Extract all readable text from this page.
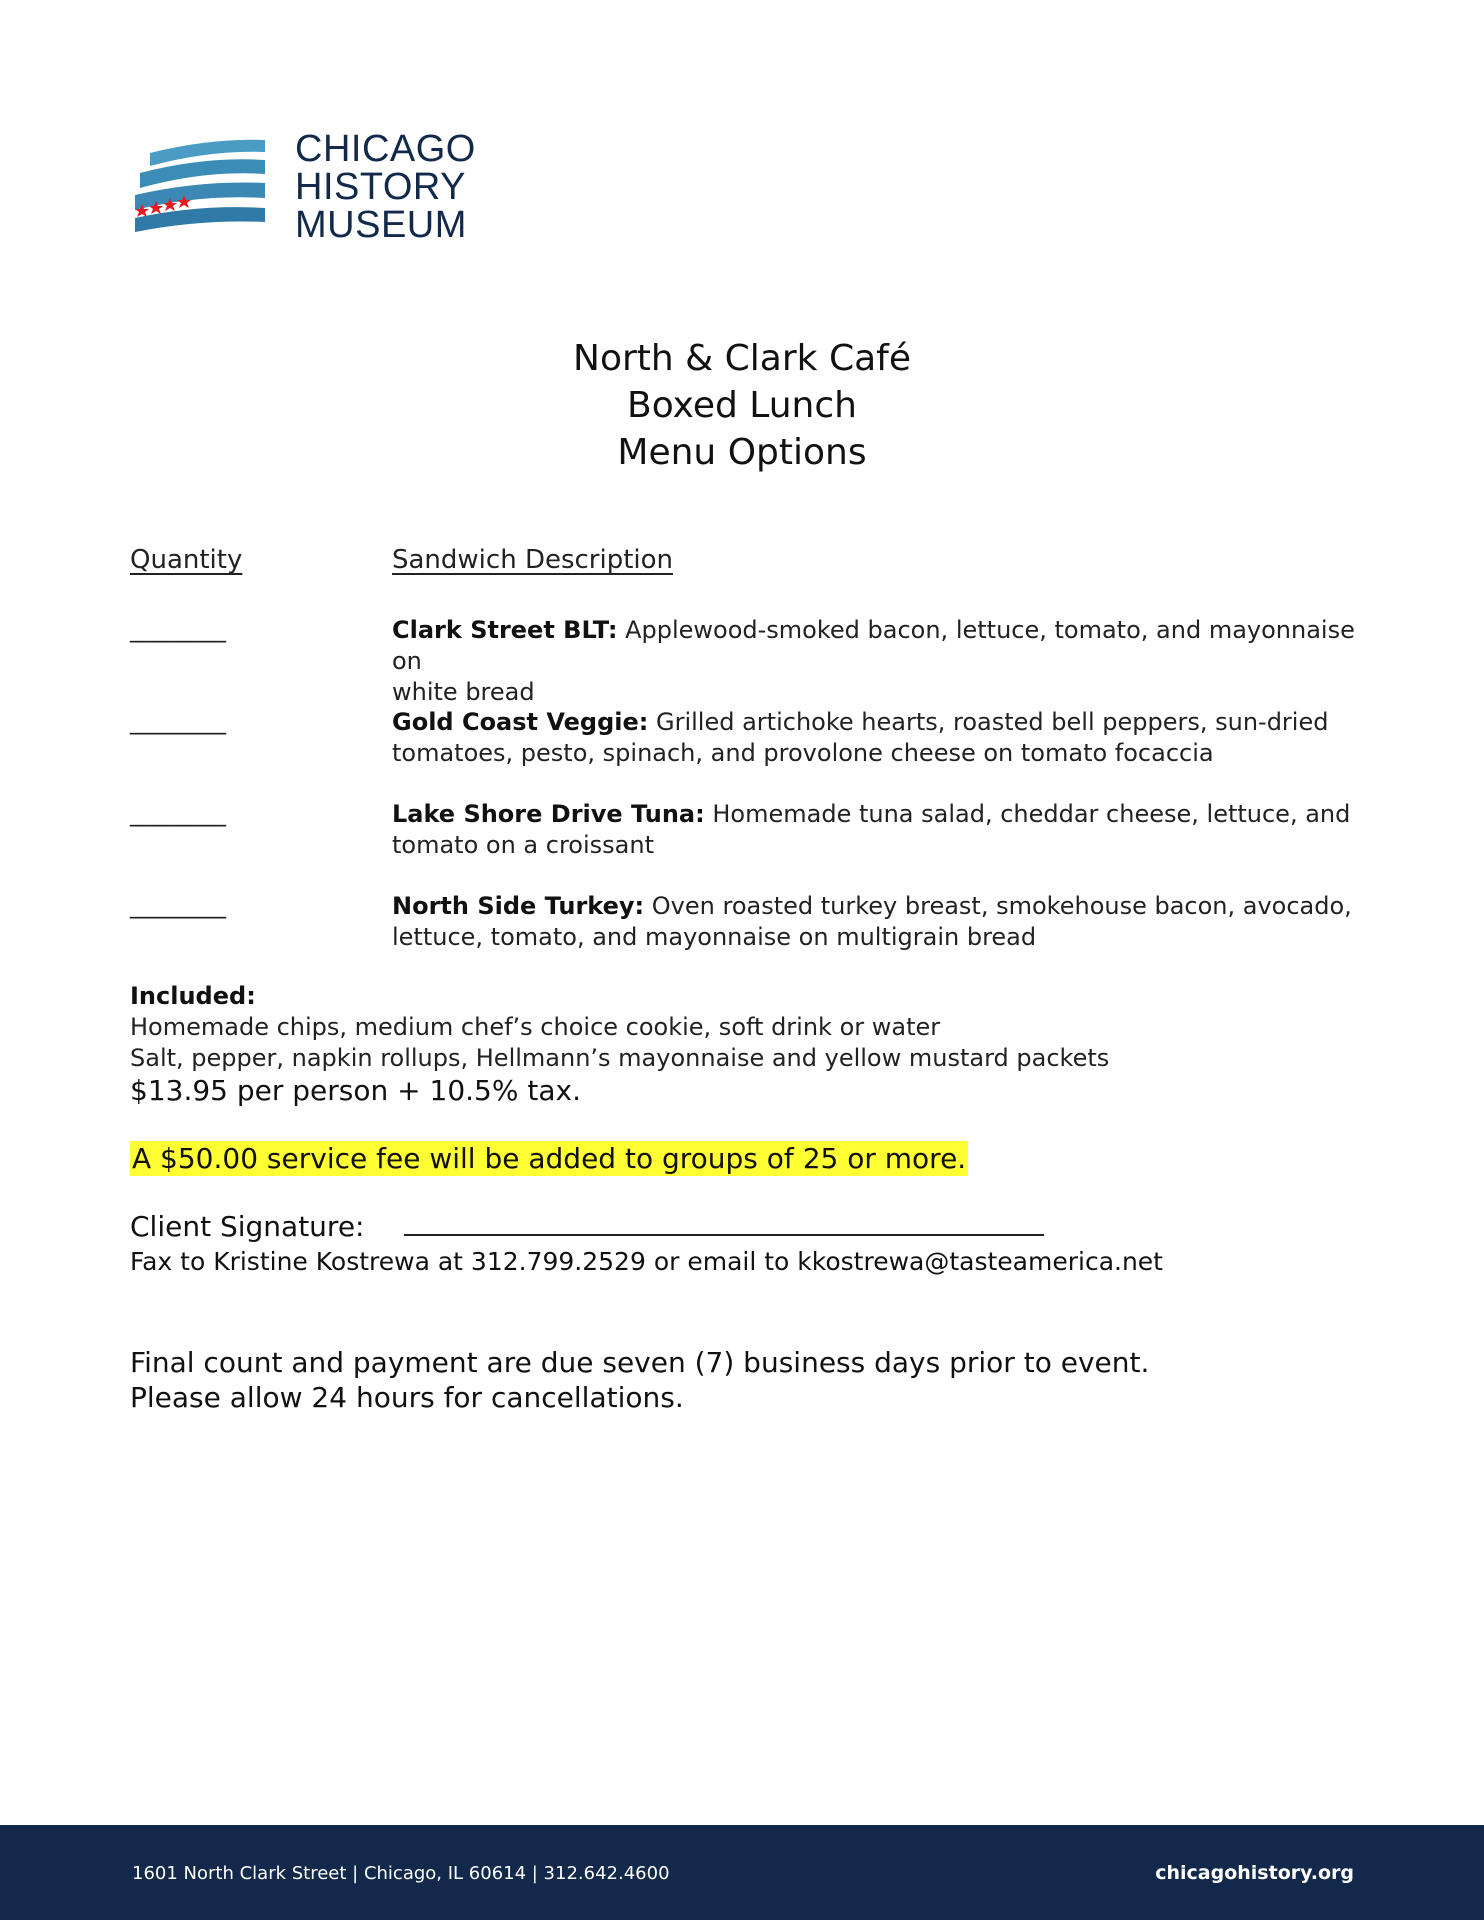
CHICAGO
HISTORY
MUSEUM
North & Clark Café
Boxed Lunch
Menu Options
Quantity	Sandwich Description
________	Clark Street BLT: Applewood-smoked bacon, lettuce, tomato, and mayonnaise on
white bread
________	Gold Coast Veggie: Grilled artichoke hearts, roasted bell peppers, sun-dried
tomatoes, pesto, spinach, and provolone cheese on tomato focaccia
________	Lake Shore Drive Tuna: Homemade tuna salad, cheddar cheese, lettuce, and
tomato on a croissant
________	North Side Turkey: Oven roasted turkey breast, smokehouse bacon, avocado,
lettuce, tomato, and mayonnaise on multigrain bread
Included:
Homemade chips, medium chef’s choice cookie, soft drink or water
Salt, pepper, napkin rollups, Hellmann’s mayonnaise and yellow mustard packets
$13.95 per person + 10.5% tax.
A $50.00 service fee will be added to groups of 25 or more.
Client Signature:
Fax to Kristine Kostrewa at 312.799.2529 or email to kkostrewa@tasteamerica.net
Final count and payment are due seven (7) business days prior to event.
Please allow 24 hours for cancellations.
1601 North Clark Street | Chicago, IL 60614 | 312.642.4600	chicagohistory.org
